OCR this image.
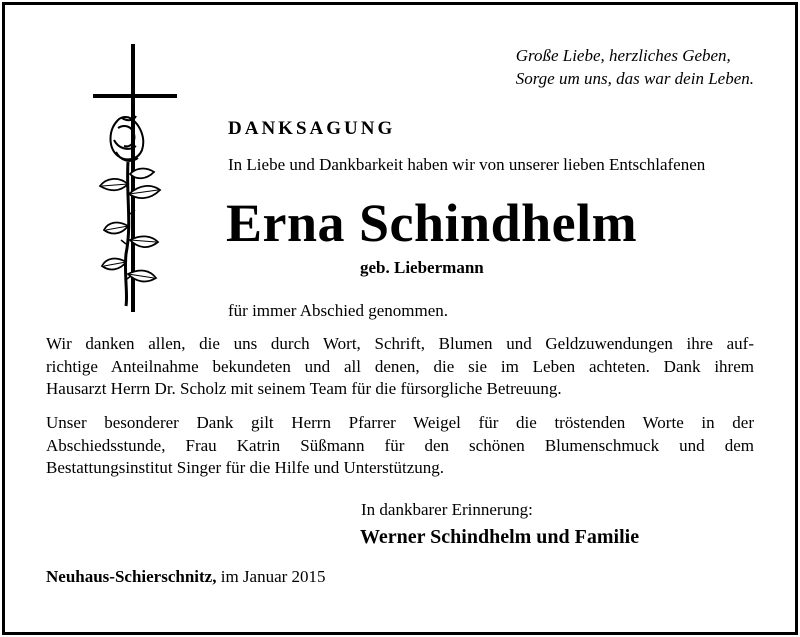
Große Liebe, herzliches Geben,
Sorge um uns, das war dein Leben.
DANKSAGUNG
In Liebe und Dankbarkeit haben wir von unserer lieben Entschlafenen
Erna Schindhelm
geb. Liebermann
für immer Abschied genommen.
Wir danken allen, die uns durch Wort, Schrift, Blumen und Geldzuwendungen ihre auf-
richtige Anteilnahme bekundeten und all denen, die sie im Leben achteten. Dank ihrem
Hausarzt Herrn Dr. Scholz mit seinem Team für die fürsorgliche Betreuung.
Unser besonderer Dank gilt Herrn Pfarrer Weigel für die tröstenden Worte in der
Abschiedsstunde, Frau Katrin Süßmann für den schönen Blumenschmuck und dem
Bestattungsinstitut Singer für die Hilfe und Unterstützung.
In dankbarer Erinnerung:
Werner Schindhelm und Familie
Neuhaus-Schierschnitz, im Januar 2015
